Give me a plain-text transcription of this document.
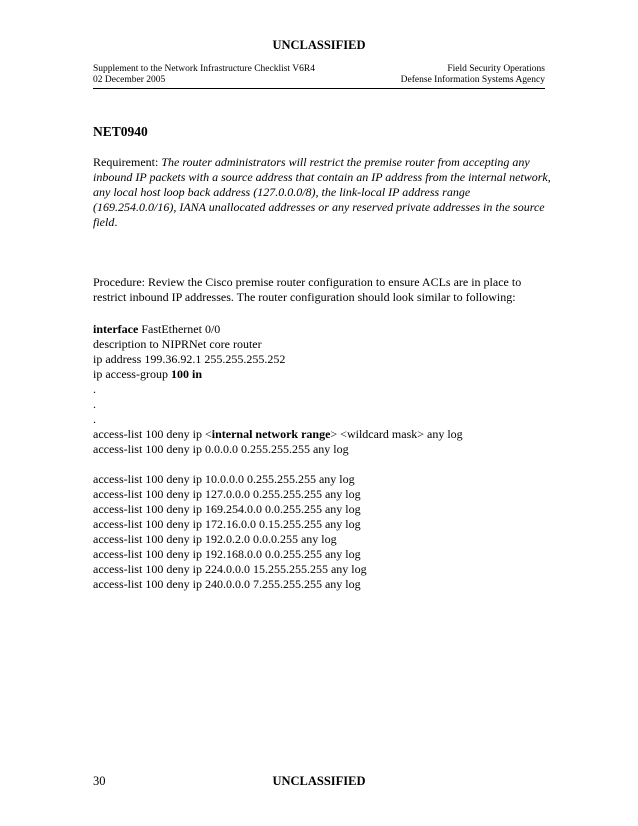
UNCLASSIFIED
Supplement to the Network Infrastructure Checklist V6R4	Field Security Operations
02 December 2005	Defense Information Systems Agency
NET0940

Requirement: The router administrators will restrict the premise router from accepting any inbound IP packets with a source address that contain an IP address from the internal network, any local host loop back address (127.0.0.0/8), the link-local IP address range (169.254.0.0/16), IANA unallocated addresses or any reserved private addresses in the source field.

Procedure: Review the Cisco premise router configuration to ensure ACLs are in place to restrict inbound IP addresses. The router configuration should look similar to following:

interface FastEthernet 0/0
description to NIPRNet core router
ip address 199.36.92.1 255.255.255.252
ip access-group 100 in
.
.
.
access-list 100 deny ip <internal network range> <wildcard mask> any log
access-list 100 deny ip 0.0.0.0 0.255.255.255 any log
access-list 100 deny ip 10.0.0.0 0.255.255.255 any log
access-list 100 deny ip 127.0.0.0 0.255.255.255 any log
access-list 100 deny ip 169.254.0.0 0.0.255.255 any log
access-list 100 deny ip 172.16.0.0 0.15.255.255 any log
access-list 100 deny ip 192.0.2.0 0.0.0.255 any log
access-list 100 deny ip 192.168.0.0 0.0.255.255 any log
access-list 100 deny ip 224.0.0.0 15.255.255.255 any log
access-list 100 deny ip 240.0.0.0 7.255.255.255 any log
30	UNCLASSIFIED
